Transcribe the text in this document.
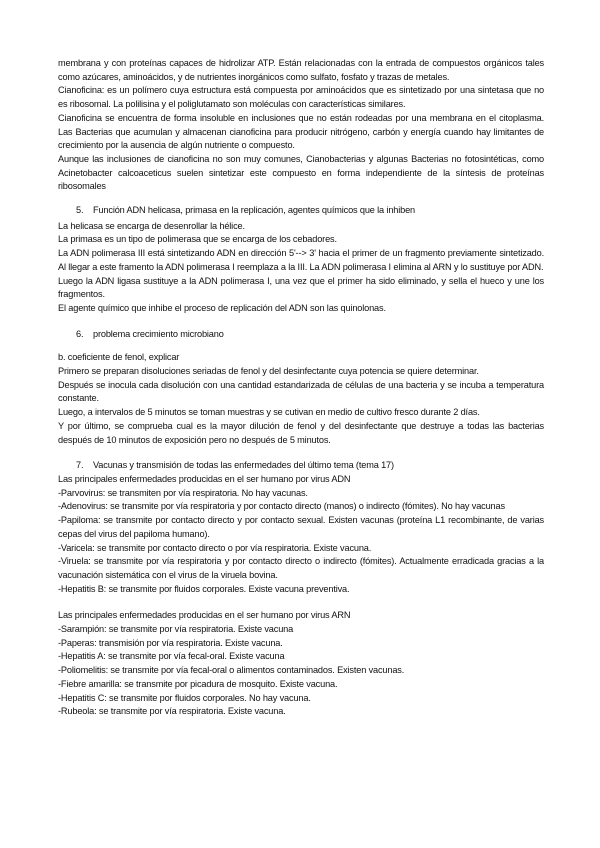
membrana y con proteínas capaces de hidrolizar ATP. Están relacionadas con la entrada de compuestos orgánicos tales como azúcares, aminoácidos, y de nutrientes inorgánicos como sulfato, fosfato y trazas de metales.

Cianoficina: es un polímero cuya estructura está compuesta por aminoácidos que es sintetizado por una sintetasa que no es ribosomal. La polilisina y el poliglutamato son moléculas con características similares.

Cianoficina se encuentra de forma insoluble en inclusiones que no están rodeadas por una membrana en el citoplasma. Las Bacterias que acumulan y almacenan cianoficina para producir nitrógeno, carbón y energía cuando hay limitantes de crecimiento por la ausencia de algún nutriente o compuesto.

Aunque las inclusiones de cianoficina no son muy comunes, Cianobacterias y algunas Bacterias no fotosintéticas, como Acinetobacter calcoaceticus suelen sintetizar este compuesto en forma independiente de la síntesis de proteínas ribosomales

5. Función ADN helicasa, primasa en la replicación, agentes químicos que la inhiben

La helicasa se encarga de desenrollar la hélice.

La primasa es un tipo de polimerasa que se encarga de los cebadores.

La ADN polimerasa III está sintetizando ADN en dirección 5'--> 3' hacia el primer de un fragmento previamente sintetizado. Al llegar a este framento la ADN polimerasa I reemplaza a la III. La ADN polimerasa I elimina al ARN y lo sustituye por ADN.

Luego la ADN ligasa sustituye a la ADN polimerasa I, una vez que el primer ha sido eliminado, y sella el hueco y une los fragmentos.

El agente químico que inhibe el proceso de replicación del ADN son las quinolonas.

6. problema crecimiento microbiano

b. coeficiente de fenol, explicar

Primero se preparan disoluciones seriadas de fenol y del desinfectante cuya potencia se quiere determinar.

Después se inocula cada disolución con una cantidad estandarizada de células de una bacteria y se incuba a temperatura constante.

Luego, a intervalos de 5 minutos se toman muestras y se cutivan en medio de cultivo fresco durante 2 días.

Y por último, se comprueba cual es la mayor dilución de fenol y del desinfectante que destruye a todas las bacterias después de 10 minutos de exposición pero no después de 5 minutos.

7. Vacunas y transmisión de todas las enfermedades del último tema (tema 17)

Las principales enfermedades producidas en el ser humano por virus ADN

-Parvovirus: se transmiten por vía respiratoria. No hay vacunas.

-Adenovirus: se transmite por vía respiratoria y por contacto directo (manos) o indirecto (fómites). No hay vacunas

-Papiloma: se transmite por contacto directo y por contacto sexual. Existen vacunas (proteína L1 recombinante, de varias cepas del virus del papiloma humano).

-Varicela: se transmite por contacto directo o por vía respiratoria. Existe vacuna.

-Viruela: se transmite por vía respiratoria y por contacto directo o indirecto (fómites). Actualmente erradicada gracias a la vacunación sistemática con el virus de la viruela bovina.

-Hepatitis B: se transmite por fluidos corporales. Existe vacuna preventiva.

Las principales enfermedades producidas en el ser humano por virus ARN

-Sarampión: se transmite por vía respiratoria. Existe vacuna

-Paperas: transmisión por vía respiratoria. Existe vacuna.

-Hepatitis A: se transmite por vía fecal-oral. Existe vacuna

-Poliomelitis: se transmite por vía fecal-oral o alimentos contaminados. Existen vacunas.

-Fiebre amarilla: se transmite por picadura de mosquito. Existe vacuna.

-Hepatitis C: se transmite por fluidos corporales. No hay vacuna.

-Rubeola: se transmite por vía respiratoria. Existe vacuna.
